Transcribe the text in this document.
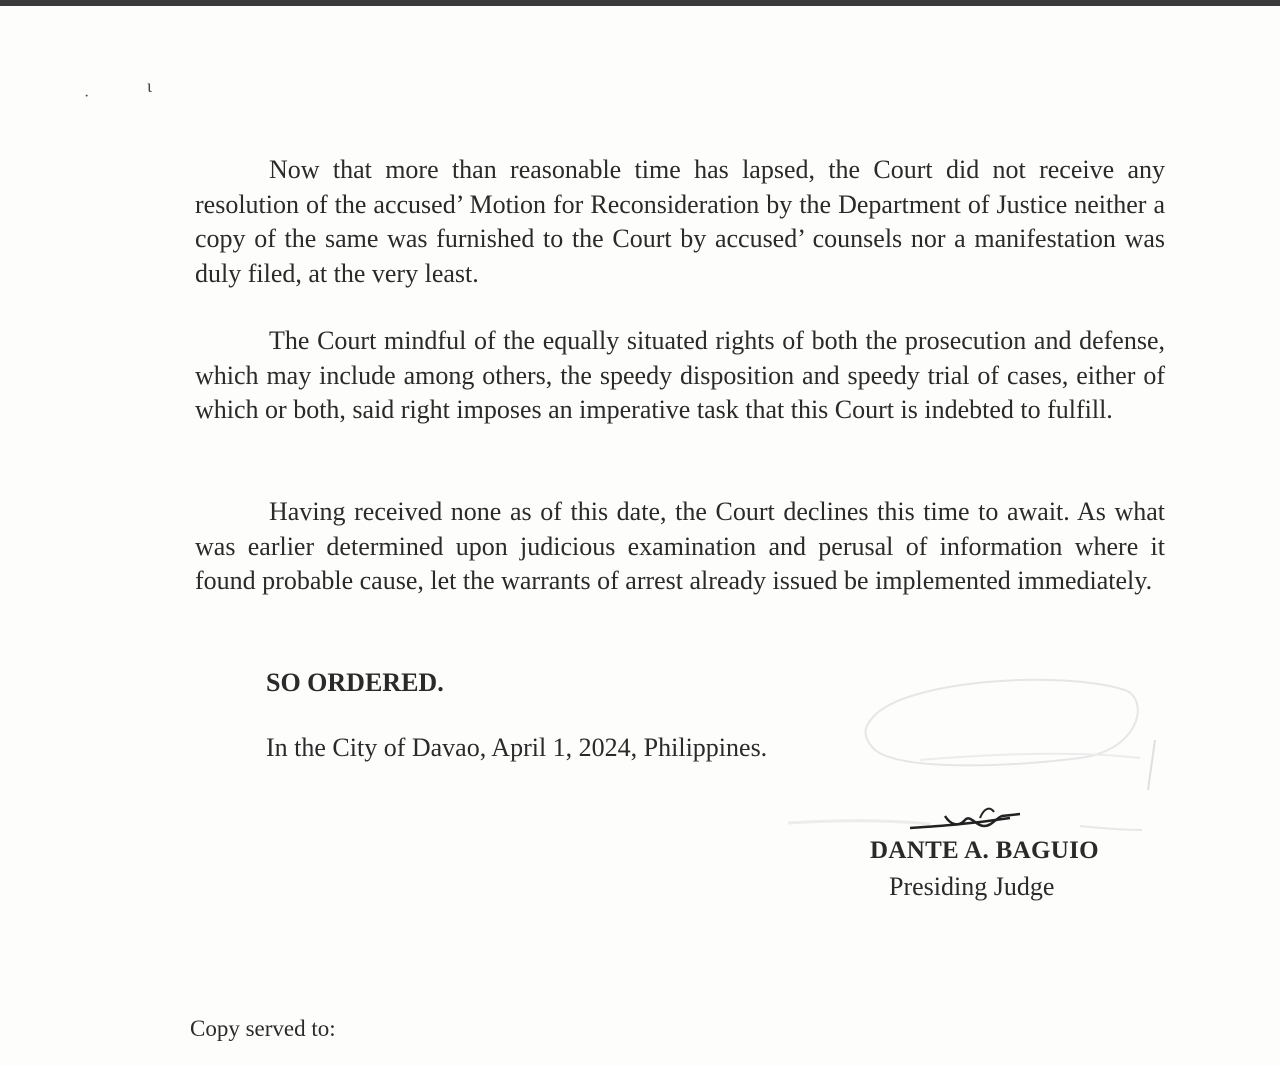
·
ι

Now that more than reasonable time has lapsed, the Court did not receive any resolution of the accused’ Motion for Reconsideration by the Department of Justice neither a copy of the same was furnished to the Court by accused’ counsels nor a manifestation was duly filed, at the very least.

The Court mindful of the equally situated rights of both the prosecution and defense, which may include among others, the speedy disposition and speedy trial of cases, either of which or both, said right imposes an imperative task that this Court is indebted to fulfill.

Having received none as of this date, the Court declines this time to await. As what was earlier determined upon judicious examination and perusal of information where it found probable cause, let the warrants of arrest already issued be implemented immediately.

SO ORDERED.

In the City of Davao, April 1, 2024, Philippines.

DANTE A. BAGUIO

Presiding Judge

Copy served to:
